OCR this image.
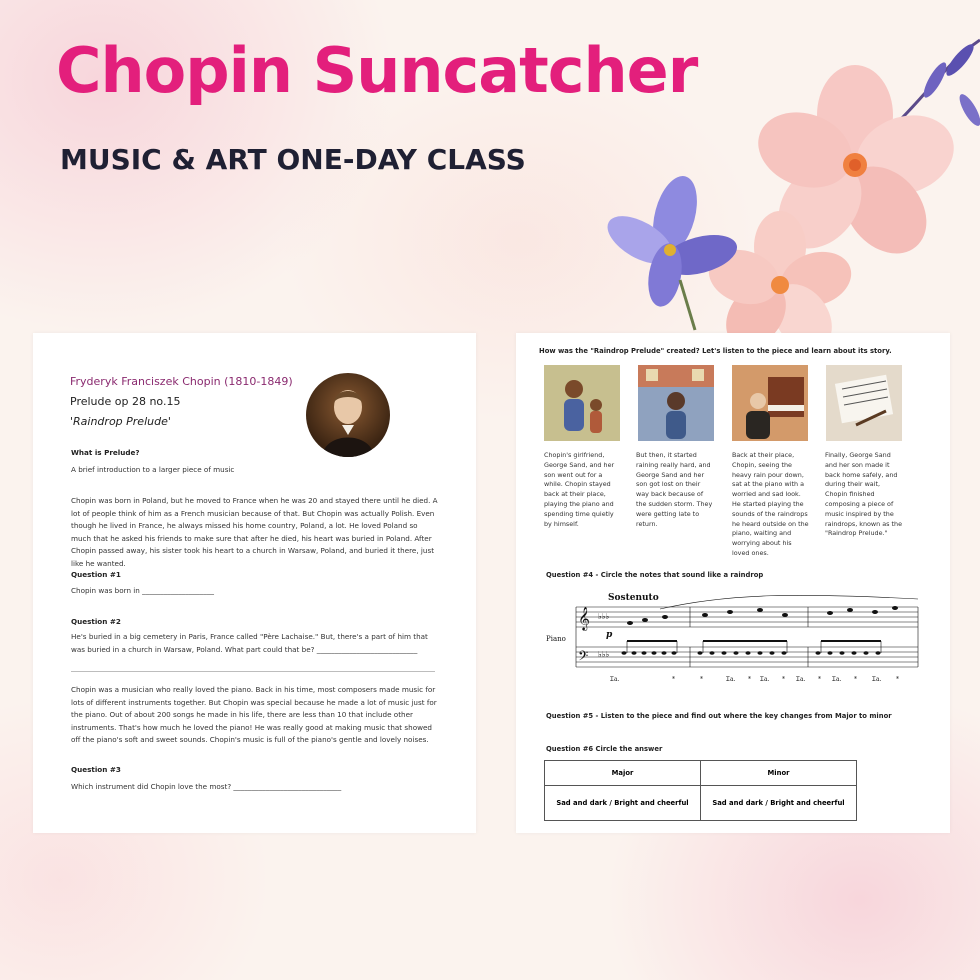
Chopin Suncatcher
MUSIC & ART ONE-DAY CLASS

Fryderyk Franciszek Chopin (1810-1849)

Prelude op 28 no.15

'Raindrop Prelude'

What is Prelude?

A brief introduction to a larger piece of music

Chopin was born in Poland, but he moved to France when he was 20 and stayed there until he died. A lot of people think of him as a French musician because of that. But Chopin was actually Polish. Even though he lived in France, he always missed his home country, Poland, a lot. He loved Poland so much that he asked his friends to make sure that after he died, his heart was buried in Poland. After Chopin passed away, his sister took his heart to a church in Warsaw, Poland, and buried it there, just like he wanted.

Question #1

Chopin was born in ____________________

Question #2

He's buried in a big cemetery in Paris, France called "Père Lachaise." But, there's a part of him that was buried in a church in Warsaw, Poland. What part could that be? ____________________________

Chopin was a musician who really loved the piano. Back in his time, most composers made music for lots of different instruments together. But Chopin was special because he made a lot of music just for the piano. Out of about 200 songs he made in his life, there are less than 10 that include other instruments. That's how much he loved the piano! He was really good at making music that showed off the piano's soft and sweet sounds. Chopin's music is full of the piano's gentle and lovely noises.

Question #3

Which instrument did Chopin love the most? ______________________________

How was the "Raindrop Prelude" created? Let's listen to the piece and learn about its story.

Chopin's girlfriend, George Sand, and her son went out for a while. Chopin stayed back at their place, playing the piano and spending time quietly by himself.

But then, it started raining really hard, and George Sand and her son got lost on their way back because of the sudden storm. They were getting late to return.

Back at their place, Chopin, seeing the heavy rain pour down, sat at the piano with a worried and sad look. He started playing the sounds of the raindrops he heard outside on the piano, waiting and worrying about his loved ones.

Finally, George Sand and her son made it back home safely, and during their wait, Chopin finished composing a piece of music inspired by the raindrops, known as the "Raindrop Prelude."

Question #4 - Circle the notes that sound like a raindrop

Sostenuto
Piano
𝄞
𝄢
♭♭♭
♭♭♭
p
Ꮖa.	*	*	Ꮖa. * Ꮖa. * Ꮖa. * Ꮖa. *	Ꮖa. *

Question #5 - Listen to the piece and find out where the key changes from Major to minor

Question #6 Circle the answer

Major	Minor
Sad and dark / Bright and cheerful	Sad and dark / Bright and cheerful
